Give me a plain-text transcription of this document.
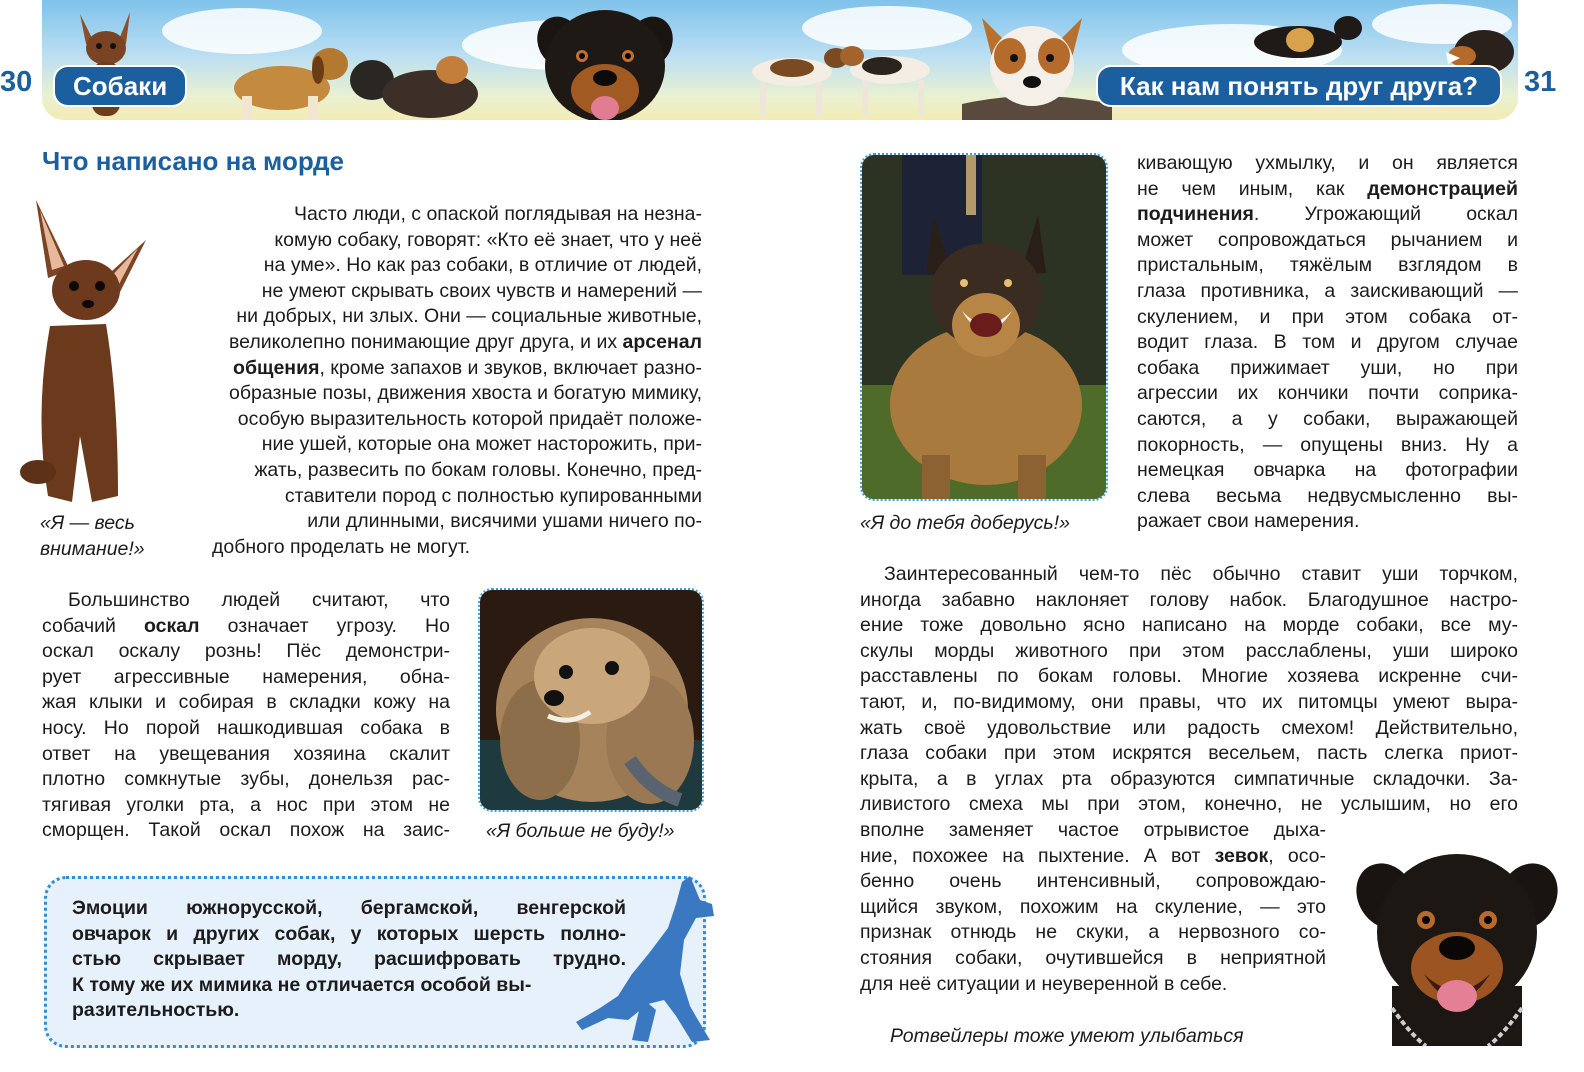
30	31
Собаки	Как нам понять друг друга?
Что написано на морде
«Я — весь
внимание!»
Часто люди, с опаской поглядывая на незна-
комую собаку, говорят: «Кто её знает, что у неё
на уме». Но как раз собаки, в отличие от людей,
не умеют скрывать своих чувств и намерений —
ни добрых, ни злых. Они — социальные животные,
великолепно понимающие друг друга, и их арсенал
общения, кроме запахов и звуков, включает разно-
образные позы, движения хвоста и богатую мимику,
особую выразительность которой придаёт положе-
ние ушей, которые она может насторожить, при-
жать, развесить по бокам головы. Конечно, пред-
ставители пород с полностью купированными
или длинными, висячими ушами ничего по-
добного проделать не могут.
Большинство людей считают, что
собачий оскал означает угрозу. Но
оскал оскалу рознь! Пёс демонстри-
рует агрессивные намерения, обна-
жая клыки и собирая в складки кожу на
носу. Но порой нашкодившая собака в
ответ на увещевания хозяина скалит
плотно сомкнутые зубы, донельзя рас-
тягивая уголки рта, а нос при этом не
сморщен. Такой оскал похож на заис- «Я больше не буду!»
Эмоции южнорусской, бергамской, венгерской
овчарок и других собак, у которых шерсть полно-
стью скрывает морду, расшифровать трудно.
К тому же их мимика не отличается особой вы-
разительностью.
«Я до тебя доберусь!»
кивающую ухмылку, и он является
не чем иным, как демонстрацией
подчинения. Угрожающий оскал
может сопровождаться рычанием и
пристальным, тяжёлым взглядом в
глаза противника, а заискивающий —
скулением, и при этом собака от-
водит глаза. В том и другом случае
собака прижимает уши, но при
агрессии их кончики почти соприка-
саются, а у собаки, выражающей
покорность, — опущены вниз. Ну а
немецкая овчарка на фотографии
слева весьма недвусмысленно вы-
ражает свои намерения.
Заинтересованный чем-то пёс обычно ставит уши торчком,
иногда забавно наклоняет голову набок. Благодушное настро-
ение тоже довольно ясно написано на морде собаки, все му-
скулы морды животного при этом расслаблены, уши широко
расставлены по бокам головы. Многие хозяева искренне счи-
тают, и, по-видимому, они правы, что их питомцы умеют выра-
жать своё удовольствие или радость смехом! Действительно,
глаза собаки при этом искрятся весельем, пасть слегка приот-
крыта, а в углах рта образуются симпатичные складочки. За-
ливистого смеха мы при этом, конечно, не услышим, но его
вполне заменяет частое отрывистое дыха-
ние, похожее на пыхтение. А вот зевок, осо-
бенно очень интенсивный, сопровождаю-
щийся звуком, похожим на скуление, — это
признак отнюдь не скуки, а нервозного со-
стояния собаки, очутившейся в неприятной
для неё ситуации и неуверенной в себе.
Ротвейлеры тоже умеют улыбаться
